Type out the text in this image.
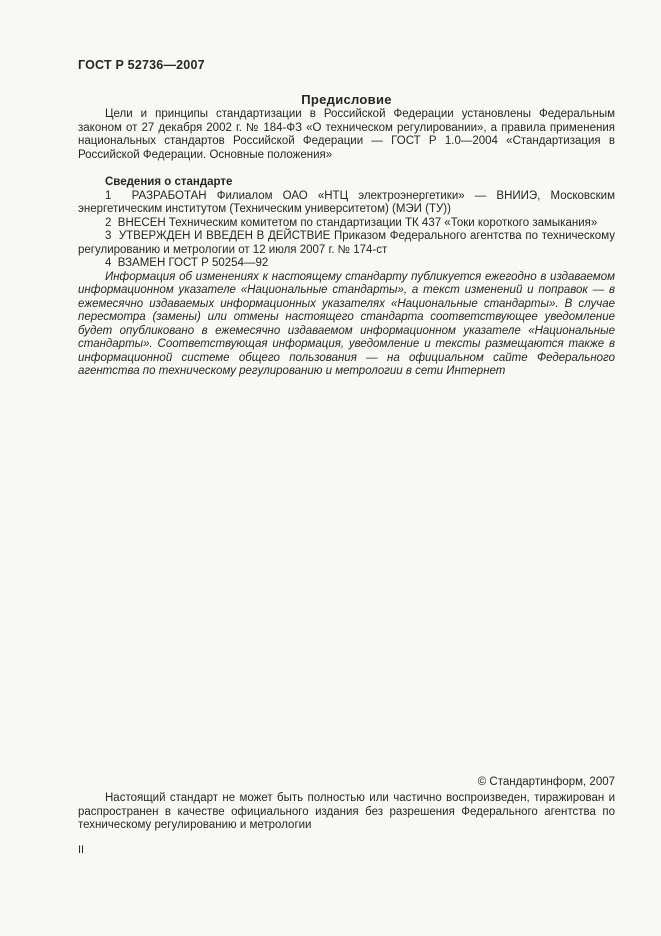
ГОСТ Р 52736—2007
Предисловие

Цели и принципы стандартизации в Российской Федерации установлены Федеральным законом от 27 декабря 2002 г. № 184-ФЗ «О техническом регулировании», а правила применения национальных стандартов Российской Федерации — ГОСТ Р 1.0—2004 «Стандартизация в Российской Федерации. Основные положения»

Сведения о стандарте

1  РАЗРАБОТАН Филиалом ОАО «НТЦ электроэнергетики» — ВНИИЭ, Московским энергетическим институтом (Техническим университетом) (МЭИ (ТУ))

2  ВНЕСЕН Техническим комитетом по стандартизации ТК 437 «Токи короткого замыкания»

3  УТВЕРЖДЕН И ВВЕДЕН В ДЕЙСТВИЕ Приказом Федерального агентства по техническому регулированию и метрологии от 12 июля 2007 г. № 174-ст

4  ВЗАМЕН ГОСТ Р 50254—92

Информация об изменениях к настоящему стандарту публикуется ежегодно в издаваемом информационном указателе «Национальные стандарты», а текст изменений и поправок — в ежемесячно издаваемых информационных указателях «Национальные стандарты». В случае пересмотра (замены) или отмены настоящего стандарта соответствующее уведомление будет опубликовано в ежемесячно издаваемом информационном указателе «Национальные стандарты». Соответствующая информация, уведомление и тексты размещаются также в информационной системе общего пользования — на официальном сайте Федерального агентства по техническому регулированию и метрологии в сети Интернет

© Стандартинформ, 2007

Настоящий стандарт не может быть полностью или частично воспроизведен, тиражирован и распространен в качестве официального издания без разрешения Федерального агентства по техническому регулированию и метрологии

II
